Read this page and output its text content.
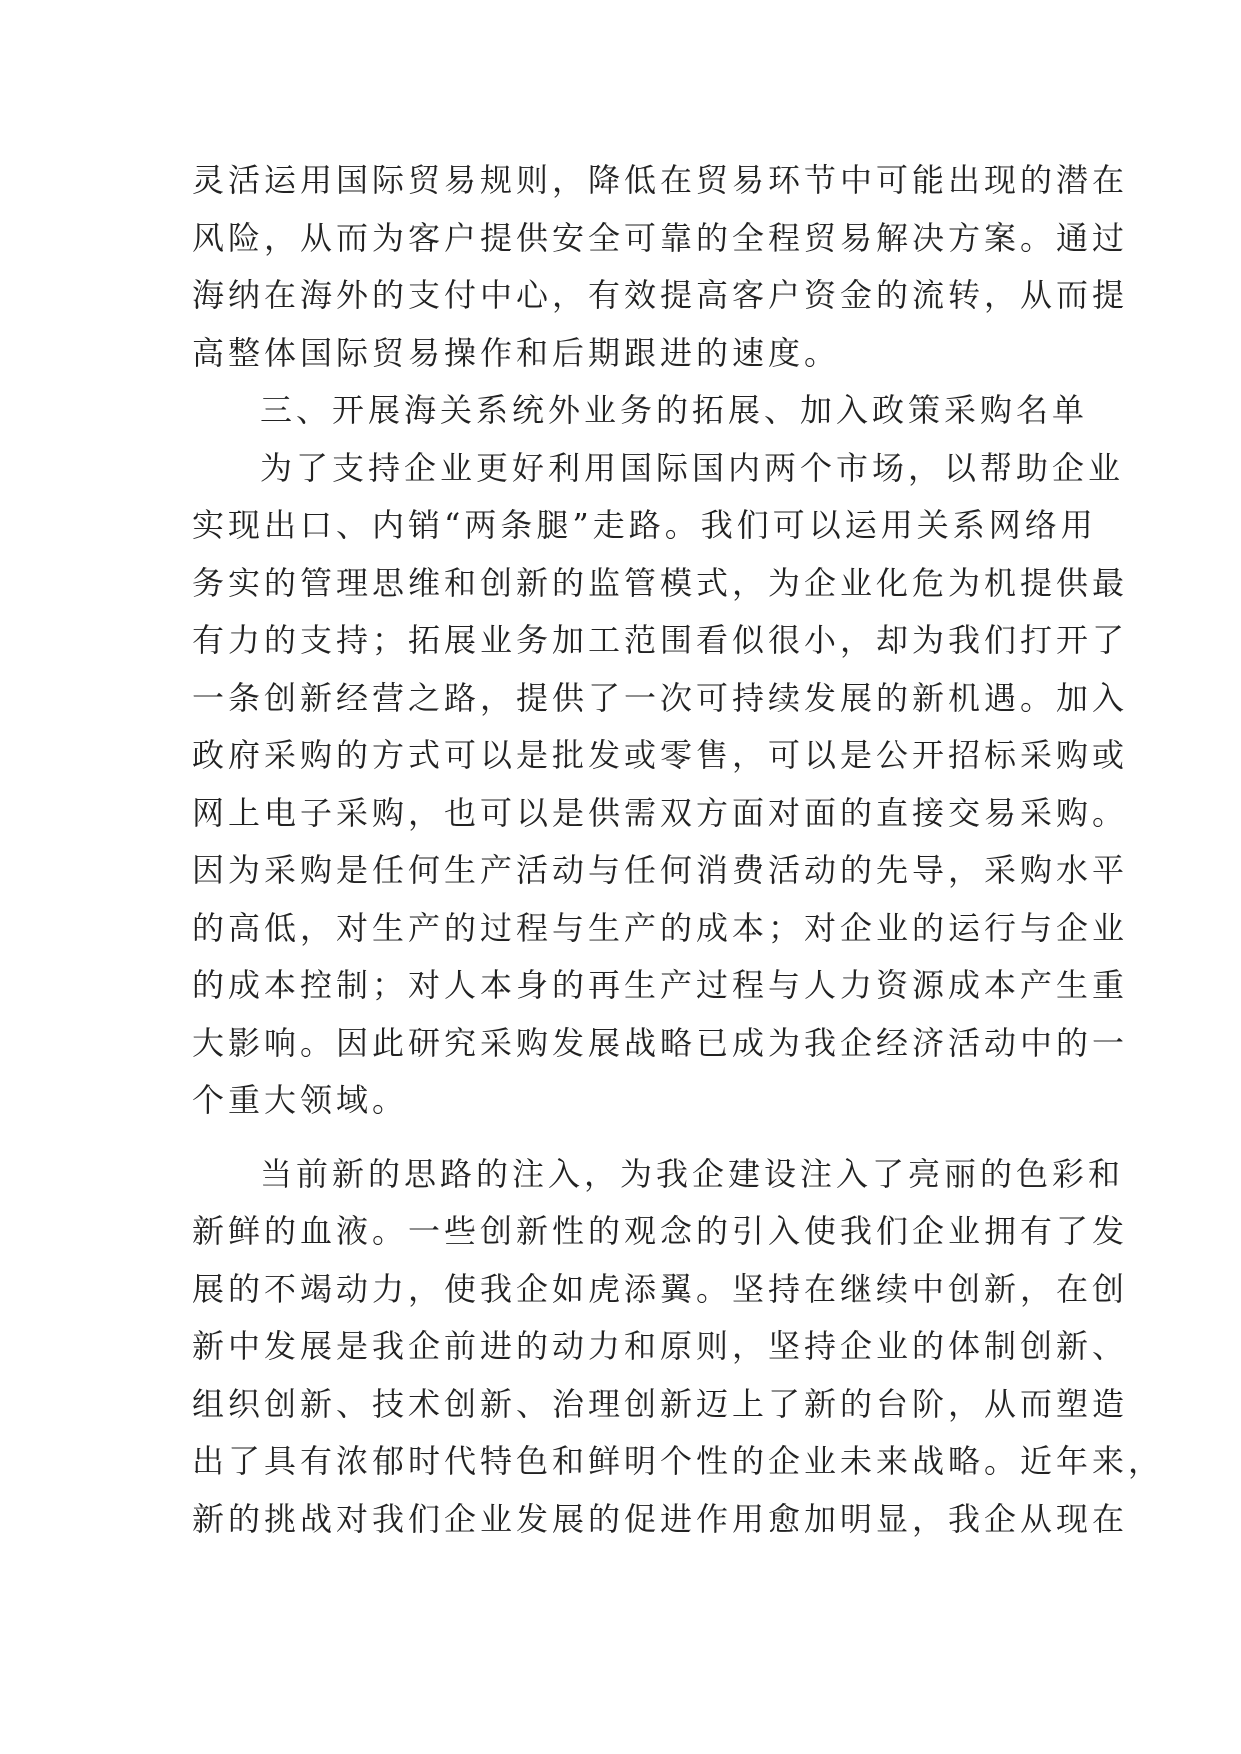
灵活运用国际贸易规则，降低在贸易环节中可能出现的潜在
风险，从而为客户提供安全可靠的全程贸易解决方案。通过
海纳在海外的支付中心，有效提高客户资金的流转，从而提
高整体国际贸易操作和后期跟进的速度。
三、开展海关系统外业务的拓展、加入政策采购名单
为了支持企业更好利用国际国内两个市场，以帮助企业
实现出口、内销“两条腿”走路。我们可以运用关系网络用
务实的管理思维和创新的监管模式，为企业化危为机提供最
有力的支持；拓展业务加工范围看似很小，却为我们打开了
一条创新经营之路，提供了一次可持续发展的新机遇。加入
政府采购的方式可以是批发或零售，可以是公开招标采购或
网上电子采购，也可以是供需双方面对面的直接交易采购。
因为采购是任何生产活动与任何消费活动的先导，采购水平
的高低，对生产的过程与生产的成本；对企业的运行与企业
的成本控制；对人本身的再生产过程与人力资源成本产生重
大影响。因此研究采购发展战略已成为我企经济活动中的一
个重大领域。
当前新的思路的注入，为我企建设注入了亮丽的色彩和
新鲜的血液。一些创新性的观念的引入使我们企业拥有了发
展的不竭动力，使我企如虎添翼。坚持在继续中创新，在创
新中发展是我企前进的动力和原则，坚持企业的体制创新、
组织创新、技术创新、治理创新迈上了新的台阶，从而塑造
出了具有浓郁时代特色和鲜明个性的企业未来战略。近年来，
新的挑战对我们企业发展的促进作用愈加明显，我企从现在
